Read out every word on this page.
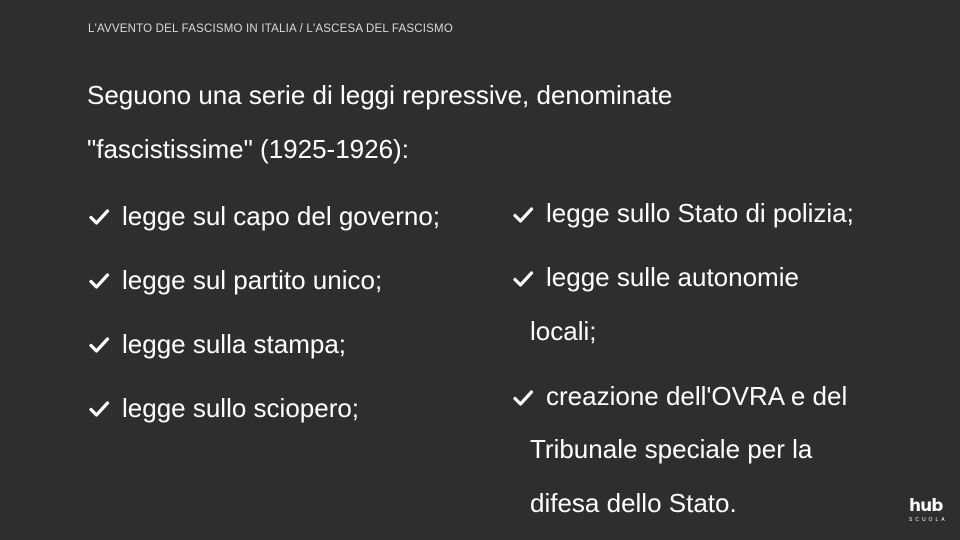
L'AVVENTO DEL FASCISMO IN ITALIA / L'ASCESA DEL FASCISMO
Seguono una serie di leggi repressive, denominate
"fascistissime" (1925-1926):
legge sul capo del governo;
legge sul partito unico;
legge sulla stampa;
legge sullo sciopero;
legge sullo Stato di polizia;
legge sulle autonomie
locali;
creazione dell'OVRA e del
Tribunale speciale per la
difesa dello Stato.	hub
SCUOLA
